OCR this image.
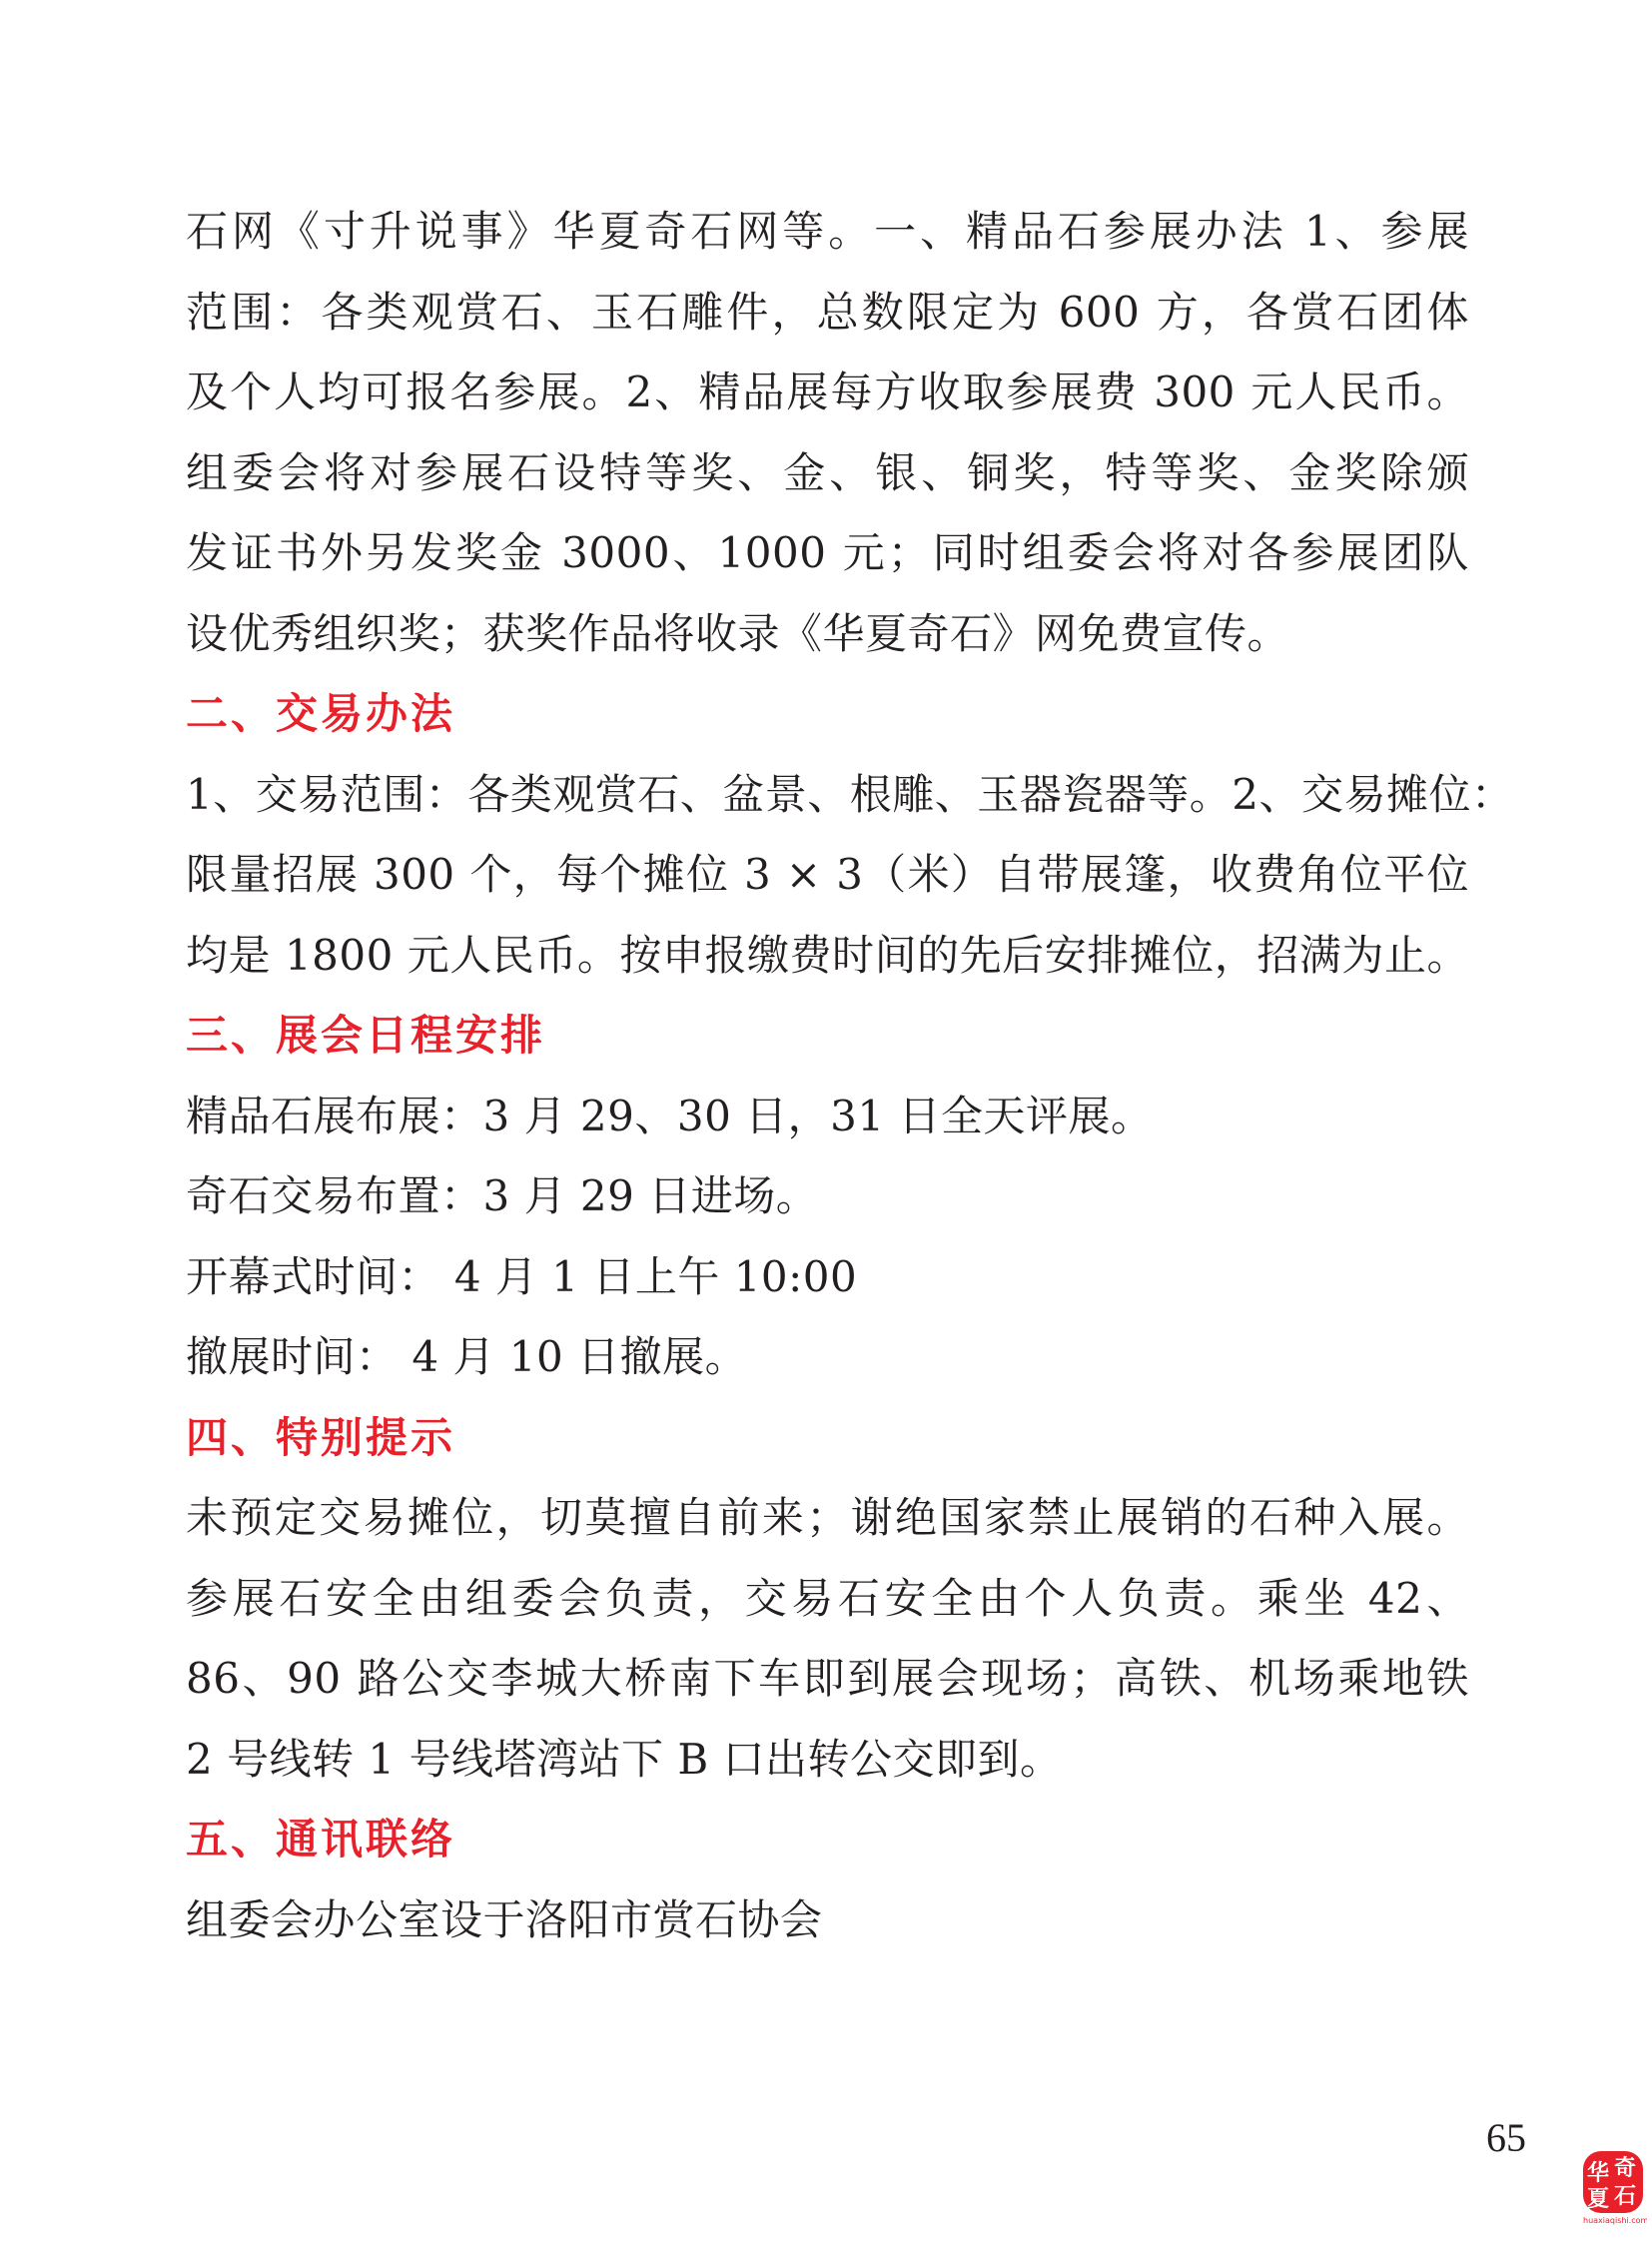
石网《寸升说事》华夏奇石网等。一、精品石参展办法 1、参展
范围：各类观赏石、玉石雕件，总数限定为 600 方，各赏石团体
及个人均可报名参展。2、精品展每方收取参展费 300 元人民币。
组委会将对参展石设特等奖、金、银、铜奖，特等奖、金奖除颁
发证书外另发奖金 3000、1000 元；同时组委会将对各参展团队
设优秀组织奖；获奖作品将收录《华夏奇石》网免费宣传。
二、交易办法
1、交易范围：各类观赏石、盆景、根雕、玉器瓷器等。2、交易摊位：
限量招展 300 个，每个摊位 3 × 3（米）自带展篷，收费角位平位
均是 1800 元人民币。按申报缴费时间的先后安排摊位，招满为止。
三、展会日程安排
精品石展布展：3 月 29、30 日，31 日全天评展。
奇石交易布置：3 月 29 日进场。
开幕式时间： 4 月 1 日上午 10:00
撤展时间： 4 月 10 日撤展。
四、特别提示
未预定交易摊位，切莫擅自前来；谢绝国家禁止展销的石种入展。
参展石安全由组委会负责，交易石安全由个人负责。乘坐 42、
86、90 路公交李城大桥南下车即到展会现场；高铁、机场乘地铁
2 号线转 1 号线塔湾站下 B 口出转公交即到。
五、通讯联络
组委会办公室设于洛阳市赏石协会
65
华 奇
夏 石
huaxiaqishi.com
